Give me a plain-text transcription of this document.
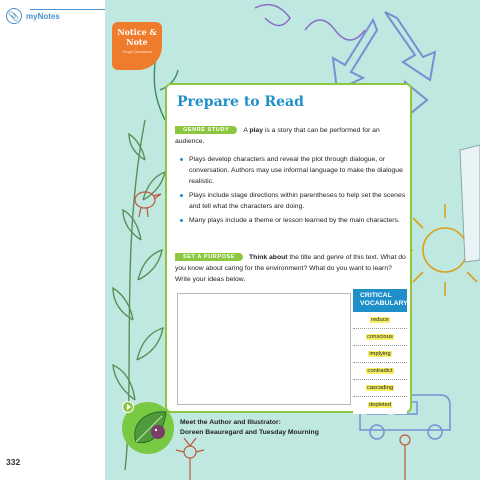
📎 myNotes
332
Notice &
Note
Tough Questions
Prepare to Read
GENRE STUDY A play is a story that can be performed for an audience.
Plays develop characters and reveal the plot through dialogue, or conversation. Authors may use informal language to make the dialogue realistic.
Plays include stage directions within parentheses to help set the scenes and tell what the characters are doing.
Many plays include a theme or lesson learned by the main characters.
SET A PURPOSE Think about the title and genre of this text. What do you know about caring for the environment? What do you want to learn? Write your ideas below.
CRITICAL
VOCABULARY
reduce
conscious
implying
contradict
cascading
depleted
Meet the Author and Illustrator:
Doreen Beauregard and Tuesday Mourning
